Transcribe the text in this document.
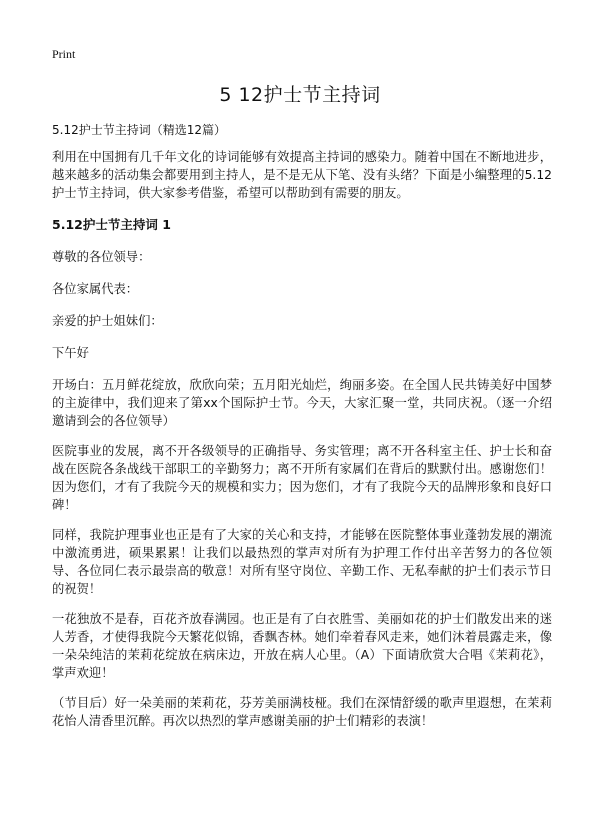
Print
5 12护士节主持词

5.12护士节主持词（精选12篇）

利用在中国拥有几千年文化的诗词能够有效提高主持词的感染力。随着中国在不断地进步，越来越多的活动集会都要用到主持人，是不是无从下笔、没有头绪？下面是小编整理的5.12护士节主持词，供大家参考借鉴，希望可以帮助到有需要的朋友。

5.12护士节主持词 1

尊敬的各位领导：

各位家属代表：

亲爱的护士姐妹们：

下午好

开场白：五月鲜花绽放，欣欣向荣；五月阳光灿烂，绚丽多姿。在全国人民共铸美好中国梦的主旋律中，我们迎来了第xx个国际护士节。今天，大家汇聚一堂，共同庆祝。（逐一介绍邀请到会的各位领导）

医院事业的发展，离不开各级领导的正确指导、务实管理；离不开各科室主任、护士长和奋战在医院各条战线干部职工的辛勤努力；离不开所有家属们在背后的默默付出。感谢您们！因为您们，才有了我院今天的规模和实力；因为您们，才有了我院今天的品牌形象和良好口碑！

同样，我院护理事业也正是有了大家的关心和支持，才能够在医院整体事业蓬勃发展的潮流中激流勇进，硕果累累！让我们以最热烈的掌声对所有为护理工作付出辛苦努力的各位领导、各位同仁表示最崇高的敬意！对所有坚守岗位、辛勤工作、无私奉献的护士们表示节日的祝贺！

一花独放不是春，百花齐放春满园。也正是有了白衣胜雪、美丽如花的护士们散发出来的迷人芳香，才使得我院今天繁花似锦，香飘杏林。她们牵着春风走来，她们沐着晨露走来，像一朵朵纯洁的茉莉花绽放在病床边，开放在病人心里。（A）下面请欣赏大合唱《茉莉花》，掌声欢迎！

（节目后）好一朵美丽的茉莉花，芬芳美丽满枝桠。我们在深情舒缓的歌声里遐想，在茉莉花怡人清香里沉醉。再次以热烈的掌声感谢美丽的护士们精彩的表演！
